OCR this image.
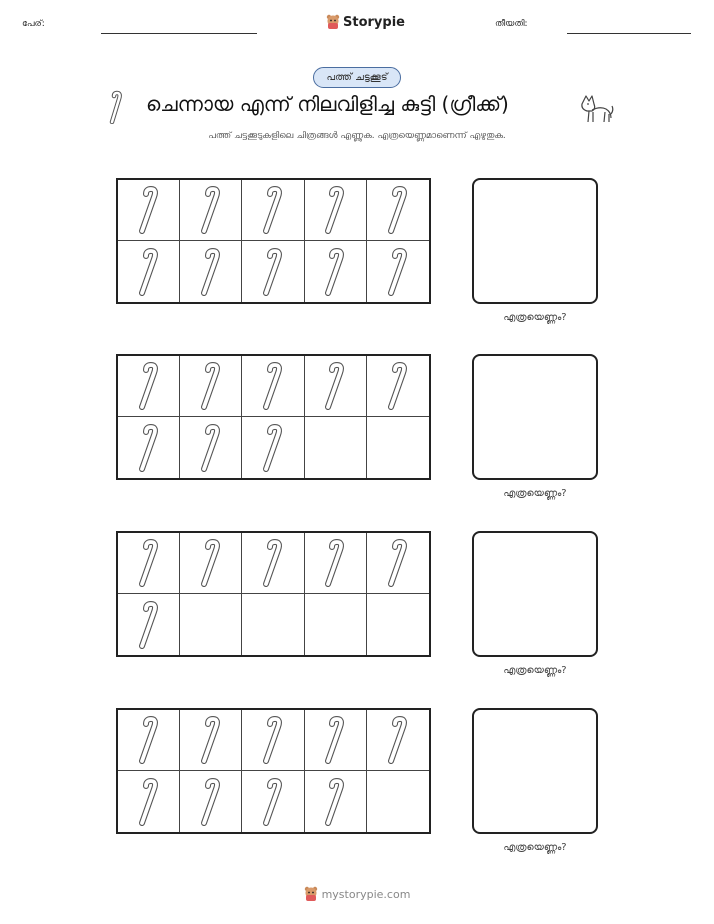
പേര്:	Storypie	തീയതി:
പത്ത് ചട്ടക്കൂട്
ചെന്നായ എന്ന് നിലവിളിച്ച കുട്ടി (ഗ്രീക്ക്)
പത്ത് ചട്ടക്കൂടുകളിലെ ചിത്രങ്ങൾ എണ്ണുക. എത്രയെണ്ണമാണെന്ന് എഴുതുക.
എത്രയെണ്ണം?
എത്രയെണ്ണം?
എത്രയെണ്ണം?
എത്രയെണ്ണം?
mystorypie.com
